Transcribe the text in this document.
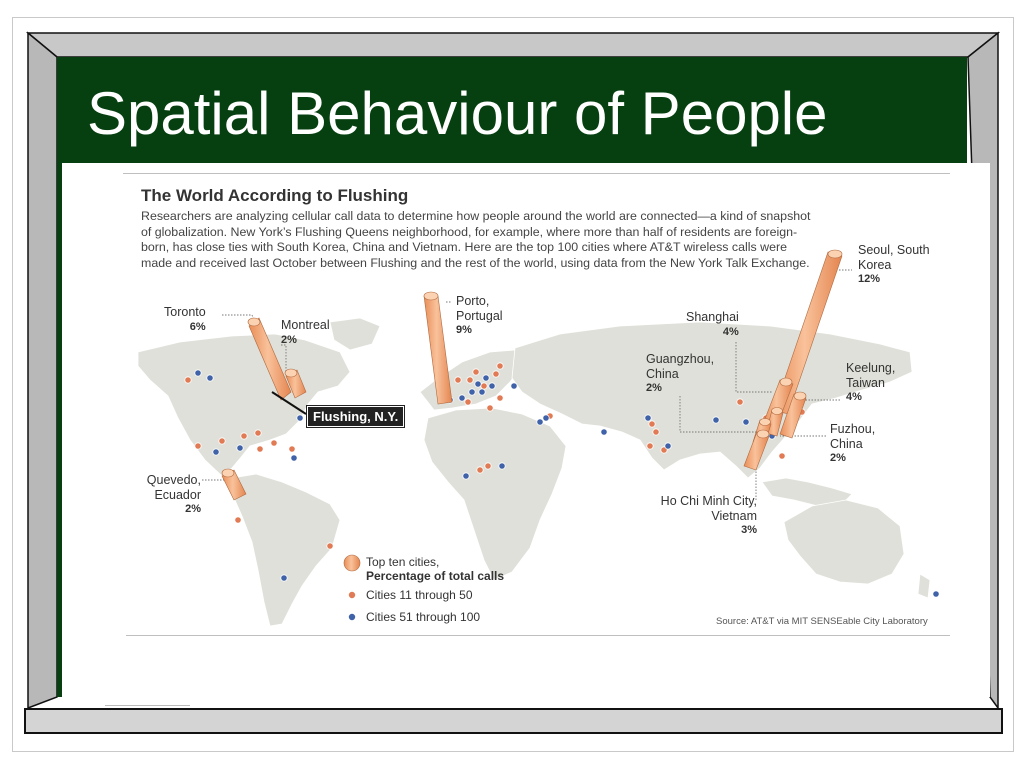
Spatial Behaviour of People
The World According to Flushing
Researchers are analyzing cellular call data to determine how people around the world are connected—a kind of snapshot of globalization. New York’s Flushing Queens neighborhood, for example, where more than half of residents are foreign-born, has close ties with South Korea, China and Vietnam. Here are the top 100 cities where AT&T wireless calls were made and received last October between Flushing and the rest of the world, using data from the New York Talk Exchange.
Toronto
6%	Montreal
2%
Porto, Portugal
9%
Shanghai
4%
Seoul, South Korea
12%
Guangzhou, China
2%
Keelung, Taiwan
4%
Fuzhou, China
2%
Quevedo, Ecuador
2%
Ho Chi Minh City, Vietnam
3%
Flushing, N.Y.
Top ten cities,
Percentage of total calls
Cities 11 through 50
Cities 51 through 100	Source: AT&T via MIT SENSEable City Laboratory
